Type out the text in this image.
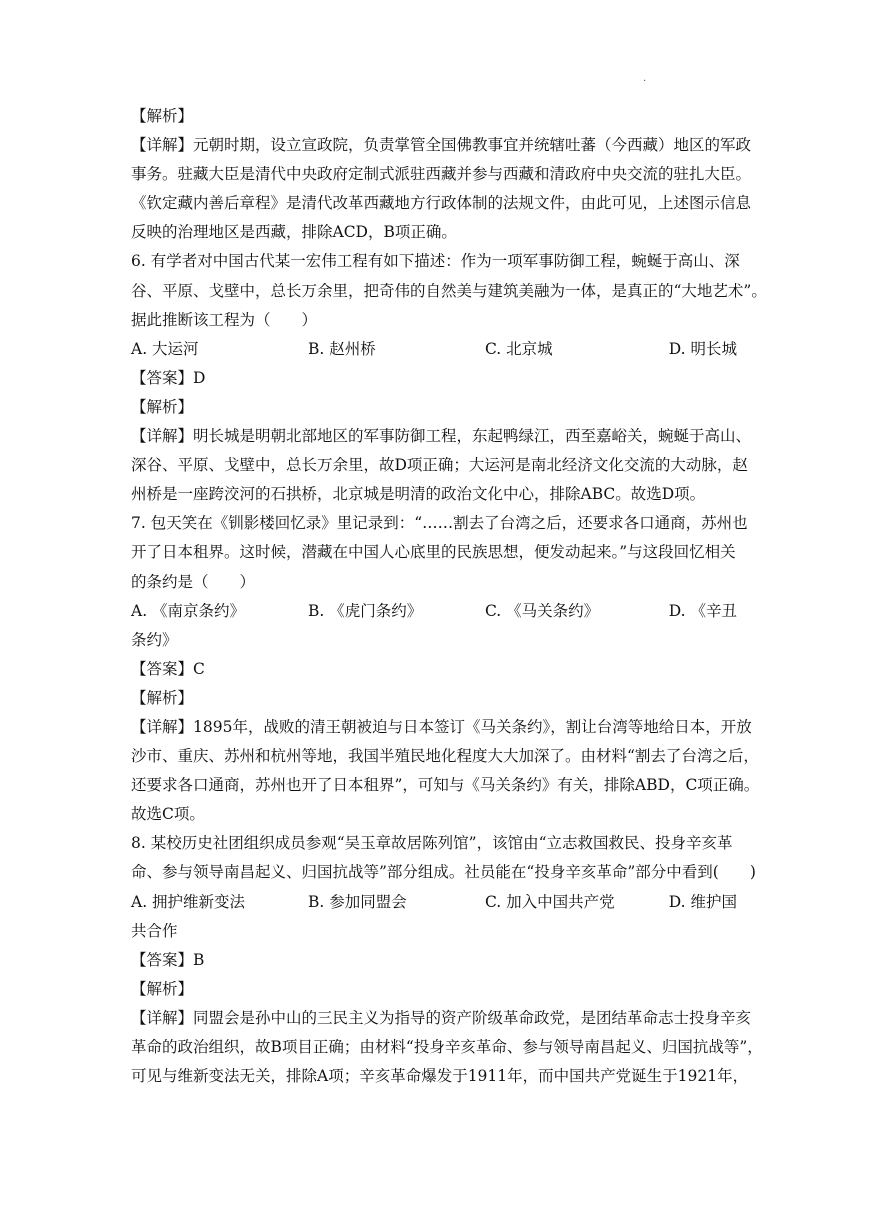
·
【解析】
【详解】元朝时期，设立宣政院，负责掌管全国佛教事宜并统辖吐蕃（今西藏）地区的军政
事务。驻藏大臣是清代中央政府定制式派驻西藏并参与西藏和清政府中央交流的驻扎大臣。
《钦定藏内善后章程》是清代改革西藏地方行政体制的法规文件，由此可见，上述图示信息
反映的治理地区是西藏，排除ACD，B项正确。
6. 有学者对中国古代某一宏伟工程有如下描述：作为一项军事防御工程，蜿蜒于高山、深
谷、平原、戈壁中，总长万余里，把奇伟的自然美与建筑美融为一体，是真正的“大地艺术”。
据此推断该工程为（　　）
A. 大运河	B. 赵州桥	C. 北京城	D. 明长城
【答案】D
【解析】
【详解】明长城是明朝北部地区的军事防御工程，东起鸭绿江，西至嘉峪关，蜿蜒于高山、
深谷、平原、戈壁中，总长万余里，故D项正确；大运河是南北经济文化交流的大动脉，赵
州桥是一座跨洨河的石拱桥，北京城是明清的政治文化中心，排除ABC。故选D项。
7. 包天笑在《钏影楼回忆录》里记录到：“……割去了台湾之后，还要求各口通商，苏州也
开了日本租界。这时候，潜藏在中国人心底里的民族思想，便发动起来。”与这段回忆相关
的条约是（　　）
A. 《南京条约》	B. 《虎门条约》	C. 《马关条约》	D. 《辛丑
条约》
【答案】C
【解析】
【详解】1895年，战败的清王朝被迫与日本签订《马关条约》，割让台湾等地给日本，开放
沙市、重庆、苏州和杭州等地，我国半殖民地化程度大大加深了。由材料“割去了台湾之后，
还要求各口通商，苏州也开了日本租界”，可知与《马关条约》有关，排除ABD，C项正确。
故选C项。
8. 某校历史社团组织成员参观“吴玉章故居陈列馆”，该馆由“立志救国救民、投身辛亥革
命、参与领导南昌起义、归国抗战等”部分组成。社员能在“投身辛亥革命”部分中看到(　　)
A. 拥护维新变法	B. 参加同盟会	C. 加入中国共产党	D. 维护国
共合作
【答案】B
【解析】
【详解】同盟会是孙中山的三民主义为指导的资产阶级革命政党，是团结革命志士投身辛亥
革命的政治组织，故B项目正确；由材料“投身辛亥革命、参与领导南昌起义、归国抗战等”，
可见与维新变法无关，排除A项；辛亥革命爆发于1911年，而中国共产党诞生于1921年，
